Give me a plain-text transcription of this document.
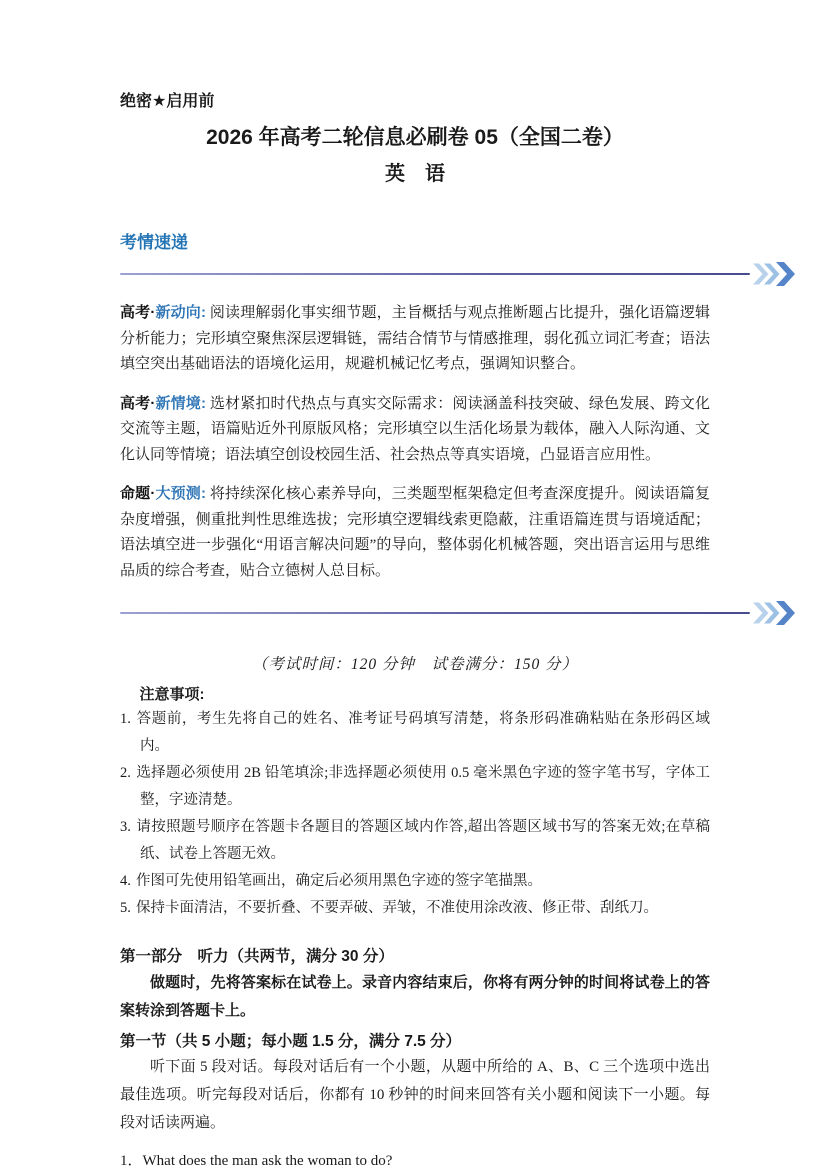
绝密★启用前
2026 年高考二轮信息必刷卷 05（全国二卷）
英　语
考情速递

高考·新动向: 阅读理解弱化事实细节题，主旨概括与观点推断题占比提升，强化语篇逻辑分析能力；完形填空聚焦深层逻辑链，需结合情节与情感推理，弱化孤立词汇考查；语法填空突出基础语法的语境化运用，规避机械记忆考点，强调知识整合。

高考·新情境: 选材紧扣时代热点与真实交际需求：阅读涵盖科技突破、绿色发展、跨文化交流等主题，语篇贴近外刊原版风格；完形填空以生活化场景为载体，融入人际沟通、文化认同等情境；语法填空创设校园生活、社会热点等真实语境，凸显语言应用性。

命题·大预测: 将持续深化核心素养导向，三类题型框架稳定但考查深度提升。阅读语篇复杂度增强，侧重批判性思维选拔；完形填空逻辑线索更隐蔽，注重语篇连贯与语境适配；语法填空进一步强化“用语言解决问题”的导向，整体弱化机械答题，突出语言运用与思维品质的综合考查，贴合立德树人总目标。

（考试时间：120 分钟　试卷满分：150 分）

注意事项:

1. 答题前，考生先将自己的姓名、准考证号码填写清楚，将条形码准确粘贴在条形码区域内。

2. 选择题必须使用 2B 铅笔填涂;非选择题必须使用 0.5 毫米黑色字迹的签字笔书写，字体工整，字迹清楚。

3. 请按照题号顺序在答题卡各题目的答题区域内作答,超出答题区域书写的答案无效;在草稿纸、试卷上答题无效。

4. 作图可先使用铅笔画出，确定后必须用黑色字迹的签字笔描黑。

5. 保持卡面清洁，不要折叠、不要弄破、弄皱，不准使用涂改液、修正带、刮纸刀。

第一部分　听力（共两节，满分 30 分）

做题时，先将答案标在试卷上。录音内容结束后，你将有两分钟的时间将试卷上的答案转涂到答题卡上。

第一节（共 5 小题；每小题 1.5 分，满分 7.5 分）

听下面 5 段对话。每段对话后有一个小题，从题中所给的 A、B、C 三个选项中选出最佳选项。听完每段对话后，你都有 10 秒钟的时间来回答有关小题和阅读下一小题。每段对话读两遍。

1．What does the man ask the woman to do?
